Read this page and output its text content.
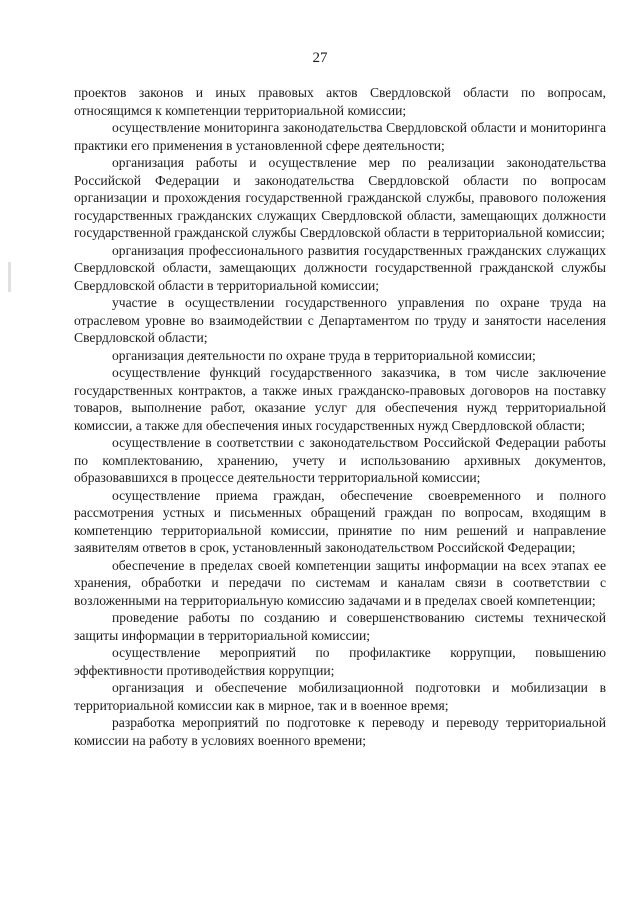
27

проектов законов и иных правовых актов Свердловской области по вопросам, относящимся к компетенции территориальной комиссии;

осуществление мониторинга законодательства Свердловской области и мониторинга практики его применения в установленной сфере деятельности;

организация работы и осуществление мер по реализации законодательства Российской Федерации и законодательства Свердловской области по вопросам организации и прохождения государственной гражданской службы, правового положения государственных гражданских служащих Свердловской области, замещающих должности государственной гражданской службы Свердловской области в территориальной комиссии;

организация профессионального развития государственных гражданских служащих Свердловской области, замещающих должности государственной гражданской службы Свердловской области в территориальной комиссии;

участие в осуществлении государственного управления по охране труда на отраслевом уровне во взаимодействии с Департаментом по труду и занятости населения Свердловской области;

организация деятельности по охране труда в территориальной комиссии;

осуществление функций государственного заказчика, в том числе заключение государственных контрактов, а также иных гражданско-правовых договоров на поставку товаров, выполнение работ, оказание услуг для обеспечения нужд территориальной комиссии, а также для обеспечения иных государственных нужд Свердловской области;

осуществление в соответствии с законодательством Российской Федерации работы по комплектованию, хранению, учету и использованию архивных документов, образовавшихся в процессе деятельности территориальной комиссии;

осуществление приема граждан, обеспечение своевременного и полного рассмотрения устных и письменных обращений граждан по вопросам, входящим в компетенцию территориальной комиссии, принятие по ним решений и направление заявителям ответов в срок, установленный законодательством Российской Федерации;

обеспечение в пределах своей компетенции защиты информации на всех этапах ее хранения, обработки и передачи по системам и каналам связи в соответствии с возложенными на территориальную комиссию задачами и в пределах своей компетенции;

проведение работы по созданию и совершенствованию системы технической защиты информации в территориальной комиссии;

осуществление мероприятий по профилактике коррупции, повышению эффективности противодействия коррупции;

организация и обеспечение мобилизационной подготовки и мобилизации в территориальной комиссии как в мирное, так и в военное время;

разработка мероприятий по подготовке к переводу и переводу территориальной комиссии на работу в условиях военного времени;
